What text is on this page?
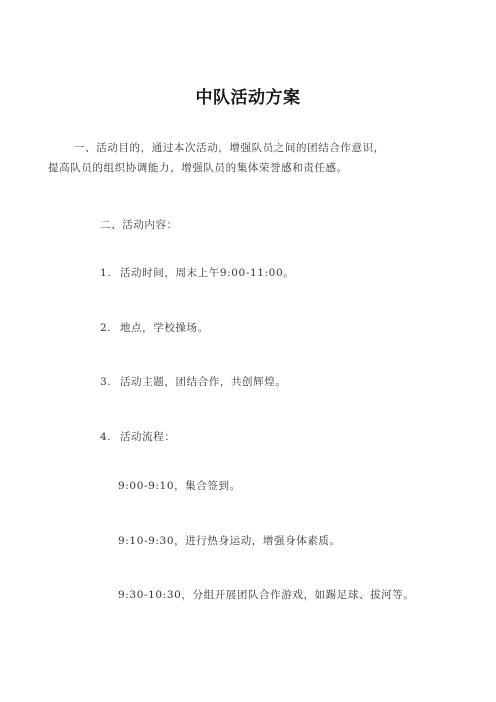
中队活动方案
一、活动目的，通过本次活动，增强队员之间的团结合作意识，
提高队员的组织协调能力，增强队员的集体荣誉感和责任感。
二、活动内容：
1. 活动时间，周末上午9:00-11:00。
2. 地点，学校操场。
3. 活动主题，团结合作，共创辉煌。
4. 活动流程：
9:00-9:10，集合签到。
9:10-9:30，进行热身运动，增强身体素质。
9:30-10:30，分组开展团队合作游戏，如踢足球、拔河等。
